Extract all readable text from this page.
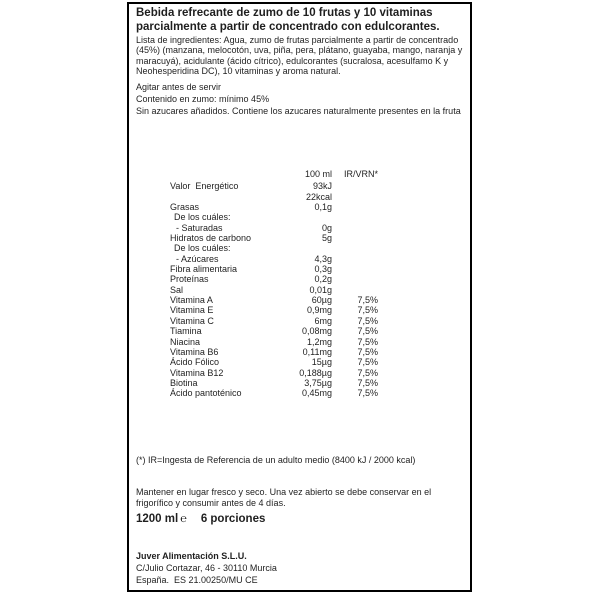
Bebida refrecante de zumo de 10 frutas y 10 vitaminas parcialmente a partir de concentrado con edulcorantes.
Lista de ingredientes: Agua, zumo de frutas parcialmente a partir de concentrado (45%) (manzana, melocotón, uva, piña, pera, plátano, guayaba, mango, naranja y maracuyá), acidulante (ácido cítrico), edulcorantes (sucralosa, acesulfamo K y Neohesperidina DC), 10 vitaminas y aroma natural.
Agitar antes de servir
Contenido en zumo: mínimo 45%
Sin azucares añadidos. Contiene los azucares naturalmente presentes en la fruta
100 ml	IR/VRN*
Valor  Energético	93kJ
22kcal
Grasas	0,1g
De los cuáles:
- Saturadas	0g
Hidratos de carbono	5g
De los cuáles:
- Azúcares	4,3g
Fibra alimentaria	0,3g
Proteínas	0,2g
Sal	0,01g
Vitamina A	60µg	7,5%
Vitamina E	0,9mg	7,5%
Vitamina C	6mg	7,5%
Tiamina	0,08mg	7,5%
Niacina	1,2mg	7,5%
Vitamina B6	0,11mg	7,5%
Ácido Fólico	15µg	7,5%
Vitamina B12	0,188µg	7,5%
Biotina	3,75µg	7,5%
Ácido pantoténico	0,45mg	7,5%
(*) IR=Ingesta de Referencia de un adulto medio (8400 kJ / 2000 kcal)
Mantener en lugar fresco y seco. Una vez abierto se debe conservar en el frigorífico y consumir antes de 4 días.
1200 ml ℮ 6 porciones
Juver Alimentación S.L.U.
C/Julio Cortazar, 46 - 30110 Murcia
España.  ES 21.00250/MU CE
